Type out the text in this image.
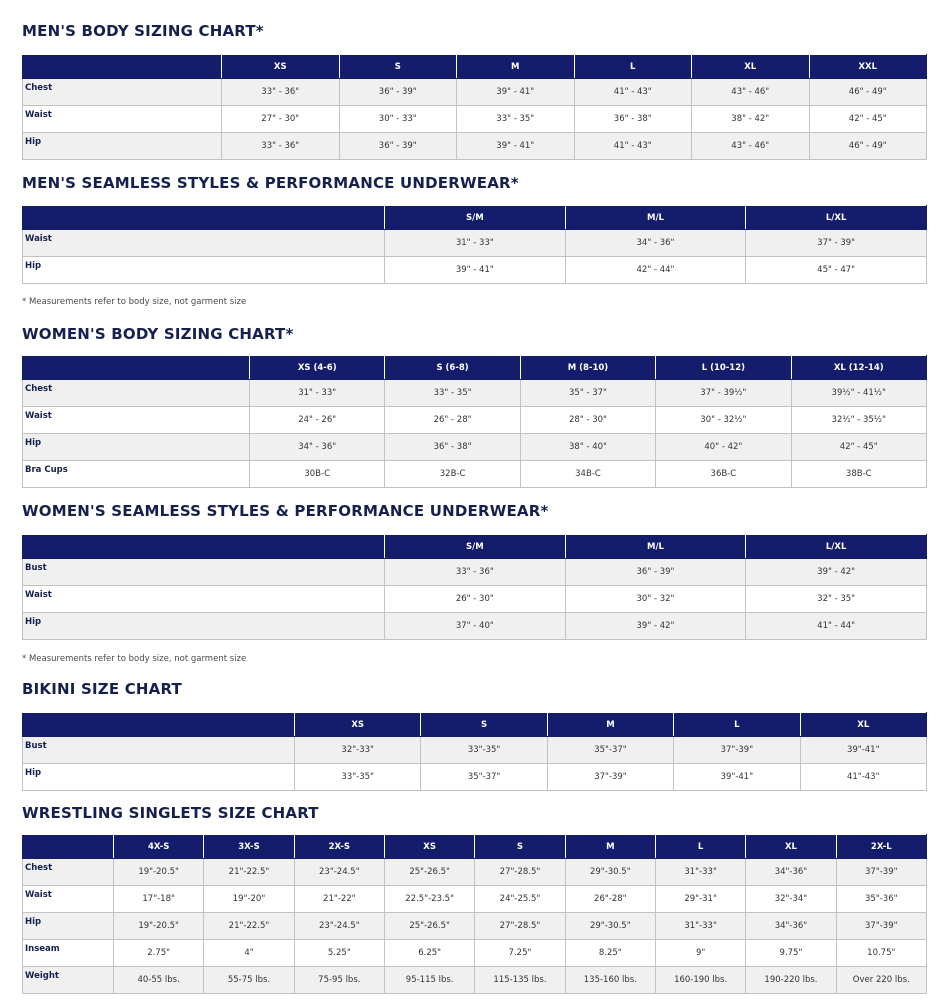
MEN'S BODY SIZING CHART*
	XS	S	M	L	XL	XXL
Chest	33" - 36"	36" - 39"	39" - 41"	41" - 43"	43" - 46"	46" - 49"
Waist	27" - 30"	30" - 33"	33" - 35"	36" - 38"	38" - 42"	42" - 45"
Hip	33" - 36"	36" - 39"	39" - 41"	41" - 43"	43" - 46"	46" - 49"
MEN'S SEAMLESS STYLES & PERFORMANCE UNDERWEAR*
	S/M	M/L	L/XL
Waist	31" - 33"	34" - 36"	37" - 39"
Hip	39" - 41"	42" - 44"	45" - 47"

* Measurements refer to body size, not garment size

WOMEN'S BODY SIZING CHART*
	XS (4-6)	S (6-8)	M (8-10)	L (10-12)	XL (12-14)
Chest	31" - 33"	33" - 35"	35" - 37"	37" - 39½"	39½" - 41½"
Waist	24" - 26"	26" - 28"	28" - 30"	30" - 32½"	32½" - 35½"
Hip	34" - 36"	36" - 38"	38" - 40"	40" - 42"	42" - 45"
Bra Cups	30B-C	32B-C	34B-C	36B-C	38B-C
WOMEN'S SEAMLESS STYLES & PERFORMANCE UNDERWEAR*
	S/M	M/L	L/XL
Bust	33" - 36"	36" - 39"	39" - 42"
Waist	26" - 30"	30" - 32"	32" - 35"
Hip	37" - 40"	39" - 42"	41" - 44"

* Measurements refer to body size, not garment size

BIKINI SIZE CHART
	XS	S	M	L	XL
Bust	32"-33"	33"-35"	35"-37"	37"-39"	39"-41"
Hip	33"-35"	35"-37"	37"-39"	39"-41"	41"-43"
WRESTLING SINGLETS SIZE CHART
	4X-S	3X-S	2X-S	XS	S	M	L	XL	2X-L
Chest	19"-20.5"	21"-22.5"	23"-24.5"	25"-26.5"	27"-28.5"	29"-30.5"	31"-33"	34"-36"	37"-39"
Waist	17"-18"	19"-20"	21"-22"	22.5"-23.5"	24"-25.5"	26"-28"	29"-31"	32"-34"	35"-36"
Hip	19"-20.5"	21"-22.5"	23"-24.5"	25"-26.5"	27"-28.5"	29"-30.5"	31"-33"	34"-36"	37"-39"
Inseam	2.75"	4"	5.25"	6.25"	7.25"	8.25"	9"	9.75"	10.75"
Weight	40-55 lbs.	55-75 lbs.	75-95 lbs.	95-115 lbs.	115-135 lbs.	135-160 lbs.	160-190 lbs.	190-220 lbs.	Over 220 lbs.
